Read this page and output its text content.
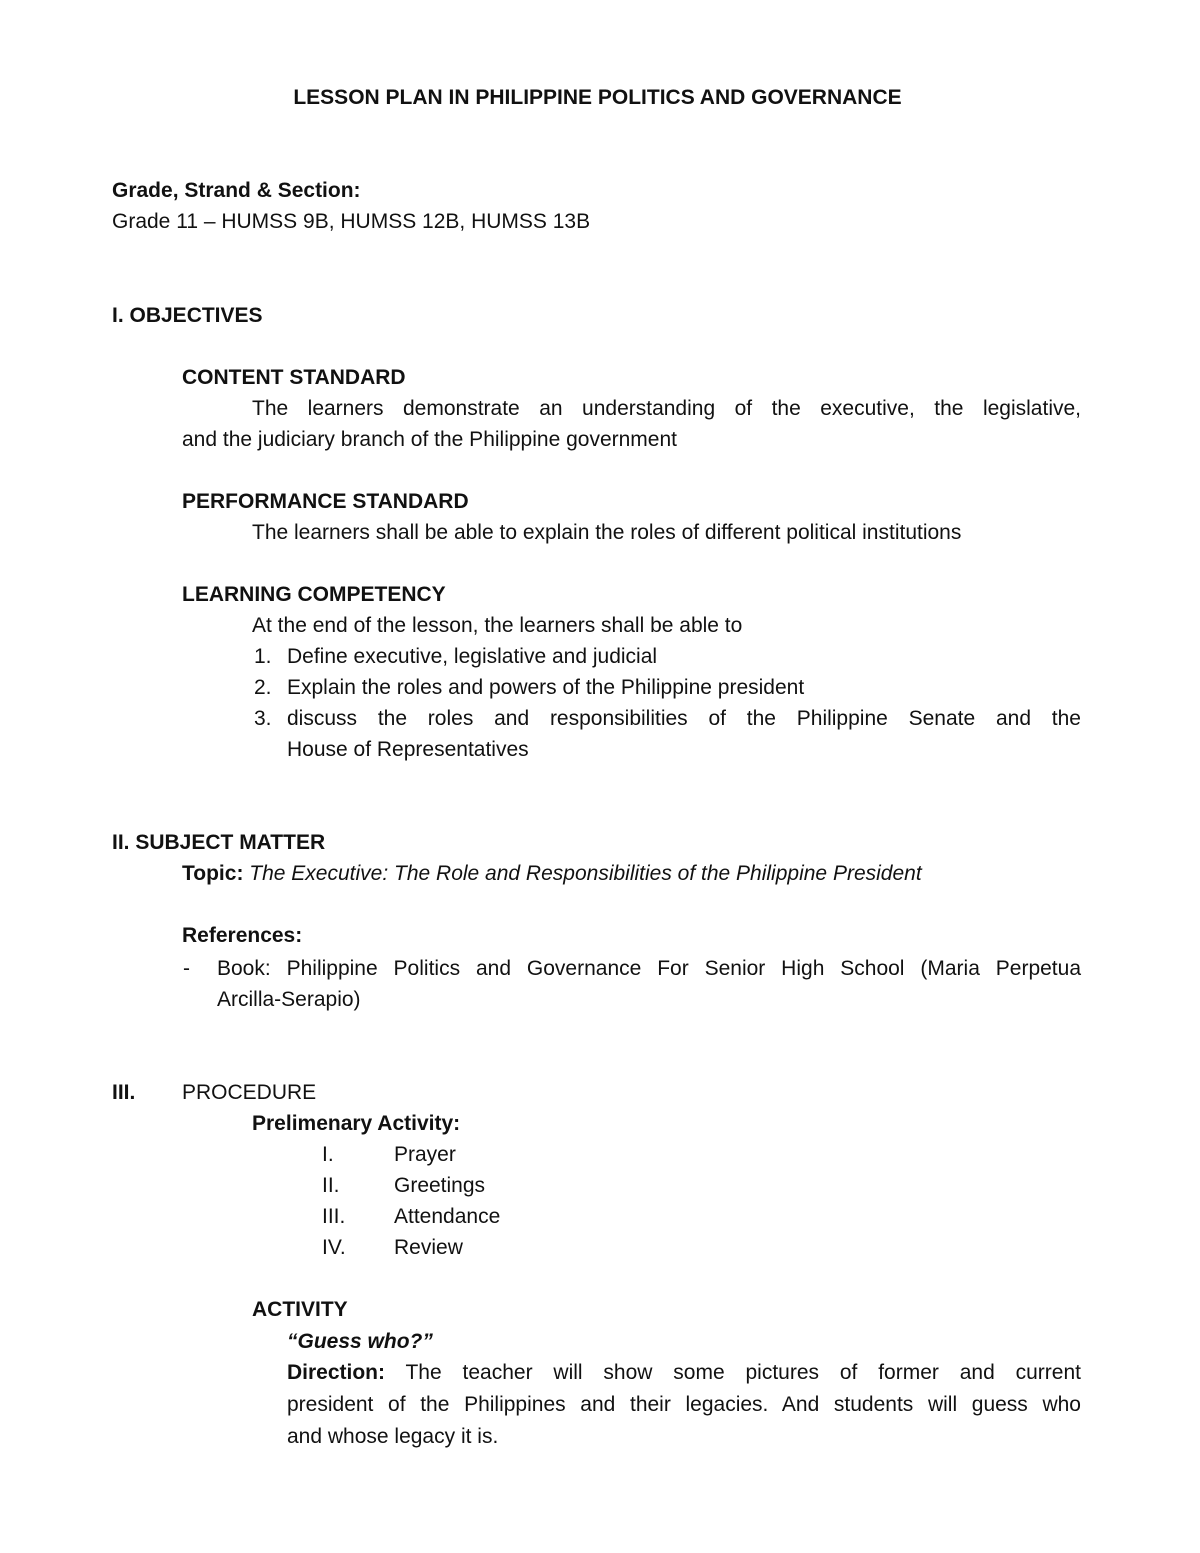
LESSON PLAN IN PHILIPPINE POLITICS AND GOVERNANCE
Grade, Strand & Section:
Grade 11 – HUMSS 9B, HUMSS 12B, HUMSS 13B
I. OBJECTIVES
CONTENT STANDARD
The learners demonstrate an understanding of the executive, the legislative,
and the judiciary branch of the Philippine government
PERFORMANCE STANDARD
The learners shall be able to explain the roles of different political institutions
LEARNING COMPETENCY
At the end of the lesson, the learners shall be able to
1. Define executive, legislative and judicial
2. Explain the roles and powers of the Philippine president
3. discuss the roles and responsibilities of the Philippine Senate and the
House of Representatives
II. SUBJECT MATTER
Topic: The Executive: The Role and Responsibilities of the Philippine President
References:
- Book: Philippine Politics and Governance For Senior High School (Maria Perpetua
Arcilla-Serapio)
III. PROCEDURE
Prelimenary Activity:
I.	Prayer
II.	Greetings
III. Attendance
IV. Review
ACTIVITY
“Guess who?”
Direction: The teacher will show some pictures of former and current
president of the Philippines and their legacies. And students will guess who
and whose legacy it is.
